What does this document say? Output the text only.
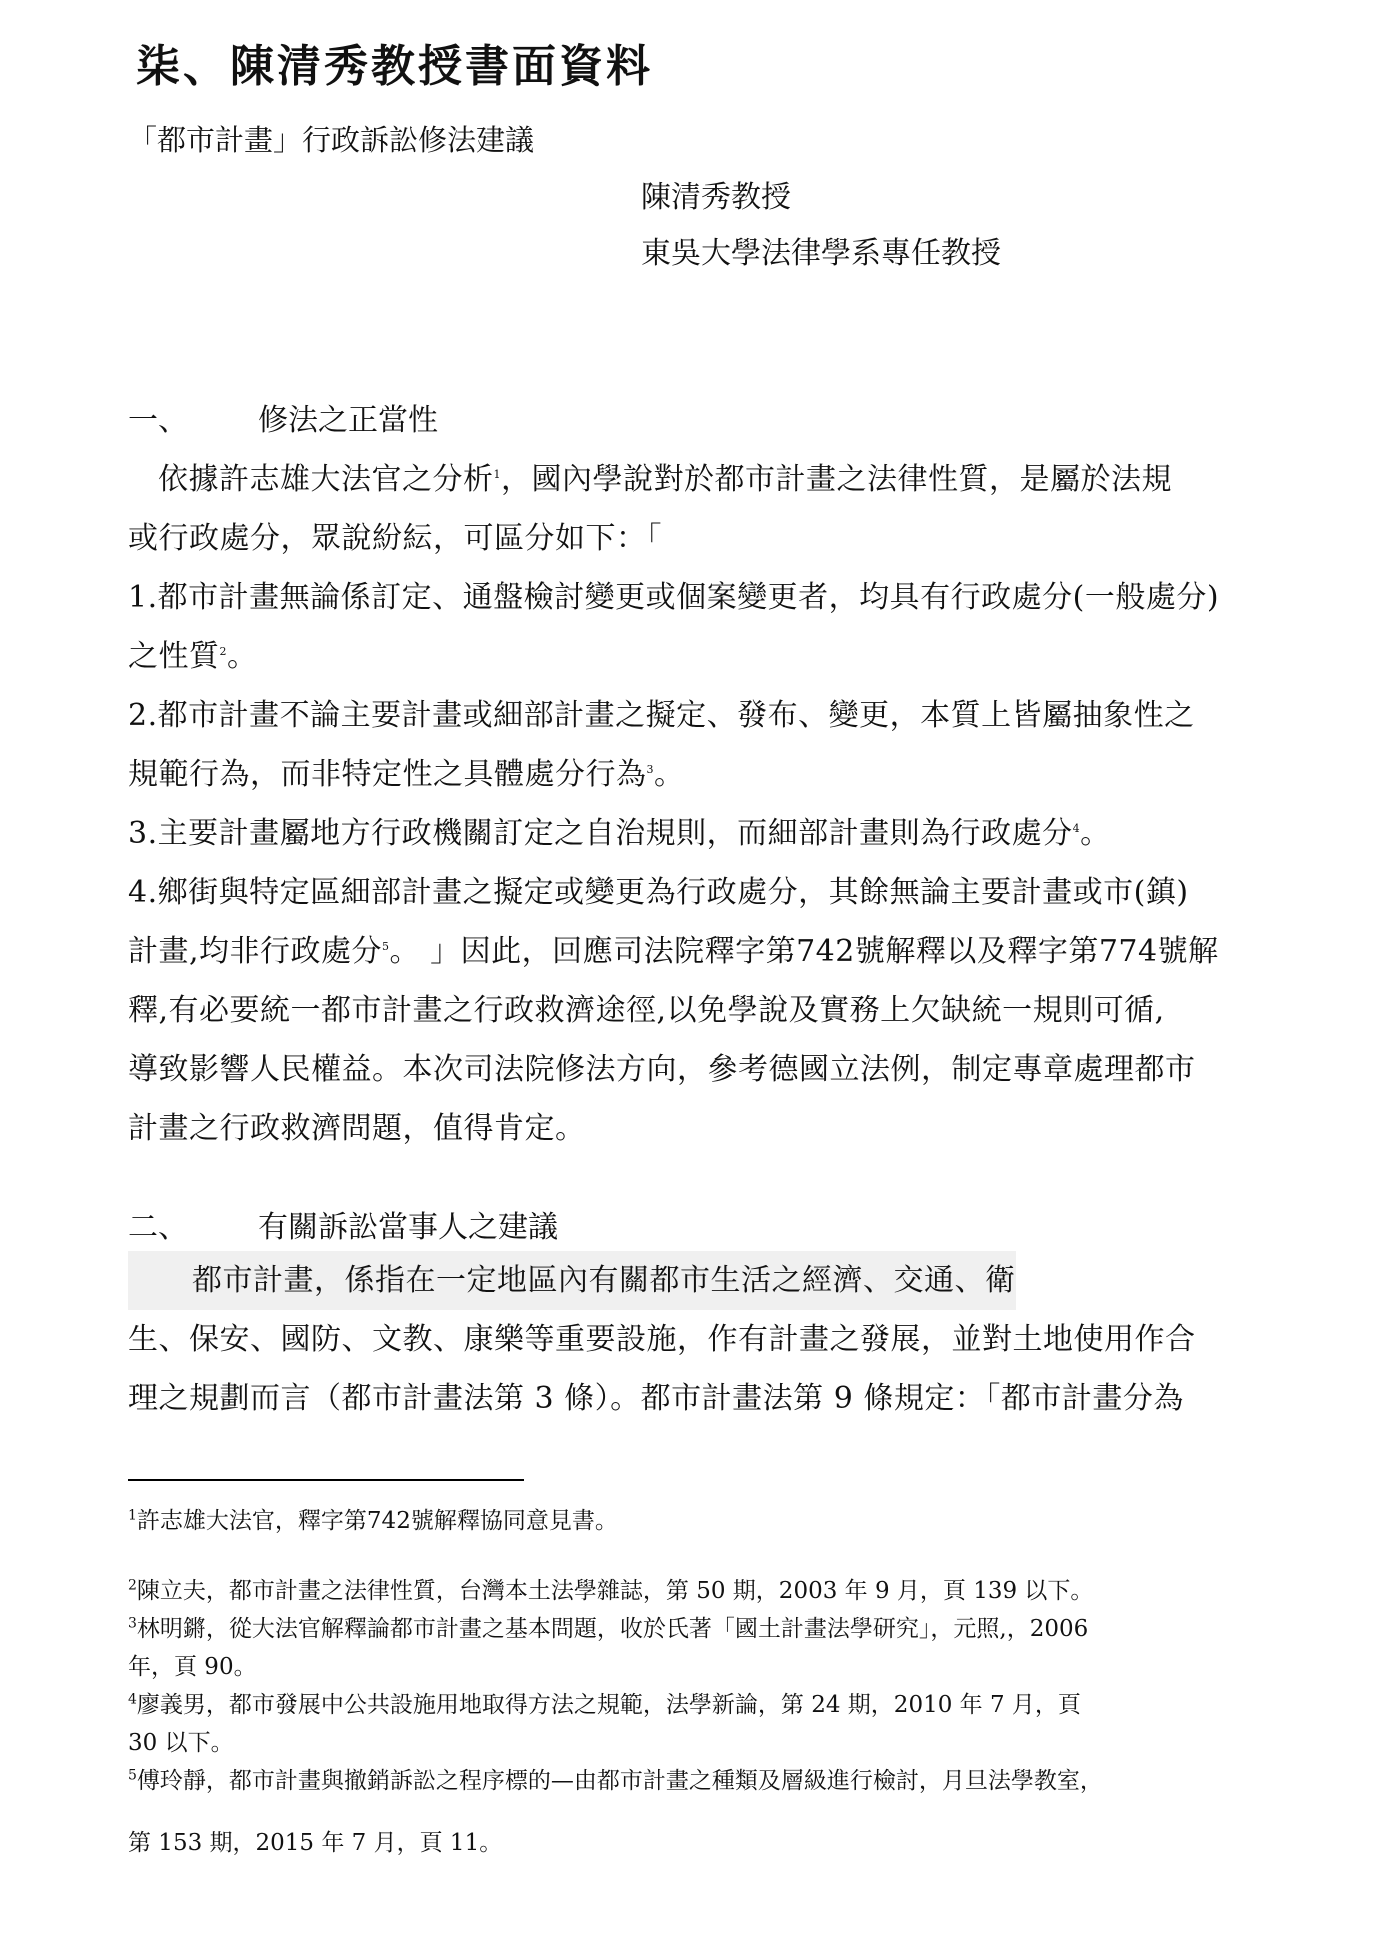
柒、陳清秀教授書面資料
「都市計畫」行政訴訟修法建議
陳清秀教授
東吳大學法律學系專任教授
一、 修法之正當性

依據許志雄大法官之分析$^1$，國內學說對於都市計畫之法律性質，是屬於法規

或行政處分，眾說紛紜，可區分如下：「

1.都市計畫無論係訂定、通盤檢討變更或個案變更者，均具有行政處分(一般處分)

之性質$^2$。

2.都市計畫不論主要計畫或細部計畫之擬定、發布、變更，本質上皆屬抽象性之

規範行為，而非特定性之具體處分行為$^3$。

3.主要計畫屬地方行政機關訂定之自治規則，而細部計畫則為行政處分$^4$。

4.鄉街與特定區細部計畫之擬定或變更為行政處分，其餘無論主要計畫或市(鎮)

計畫,均非行政處分$^5$。 」因此，回應司法院釋字第742號解釋以及釋字第774號解

釋,有必要統一都市計畫之行政救濟途徑,以免學說及實務上欠缺統一規則可循,

導致影響人民權益。本次司法院修法方向，參考德國立法例，制定專章處理都市

計畫之行政救濟問題，值得肯定。

二、 有關訴訟當事人之建議

都市計畫，係指在一定地區內有關都市生活之經濟、交通、衛

生、保安、國防、文教、康樂等重要設施，作有計畫之發展，並對土地使用作合

理之規劃而言（都市計畫法第 3 條）。都市計畫法第 9 條規定：「都市計畫分為

$^1$許志雄大法官，釋字第742號解釋協同意見書。

$^2$陳立夫，都市計畫之法律性質，台灣本土法學雜誌，第 50 期，2003 年 9 月，頁 139 以下。

$^3$林明鏘，從大法官解釋論都市計畫之基本問題，收於氏著「國土計畫法學研究」，元照,，2006

年，頁 90。

$^4$廖義男，都市發展中公共設施用地取得方法之規範，法學新論，第 24 期，2010 年 7 月，頁

30 以下。

$^5$傅玲靜，都市計畫與撤銷訴訟之程序標的—由都市計畫之種類及層級進行檢討，月旦法學教室，

第 153 期，2015 年 7 月，頁 11。
